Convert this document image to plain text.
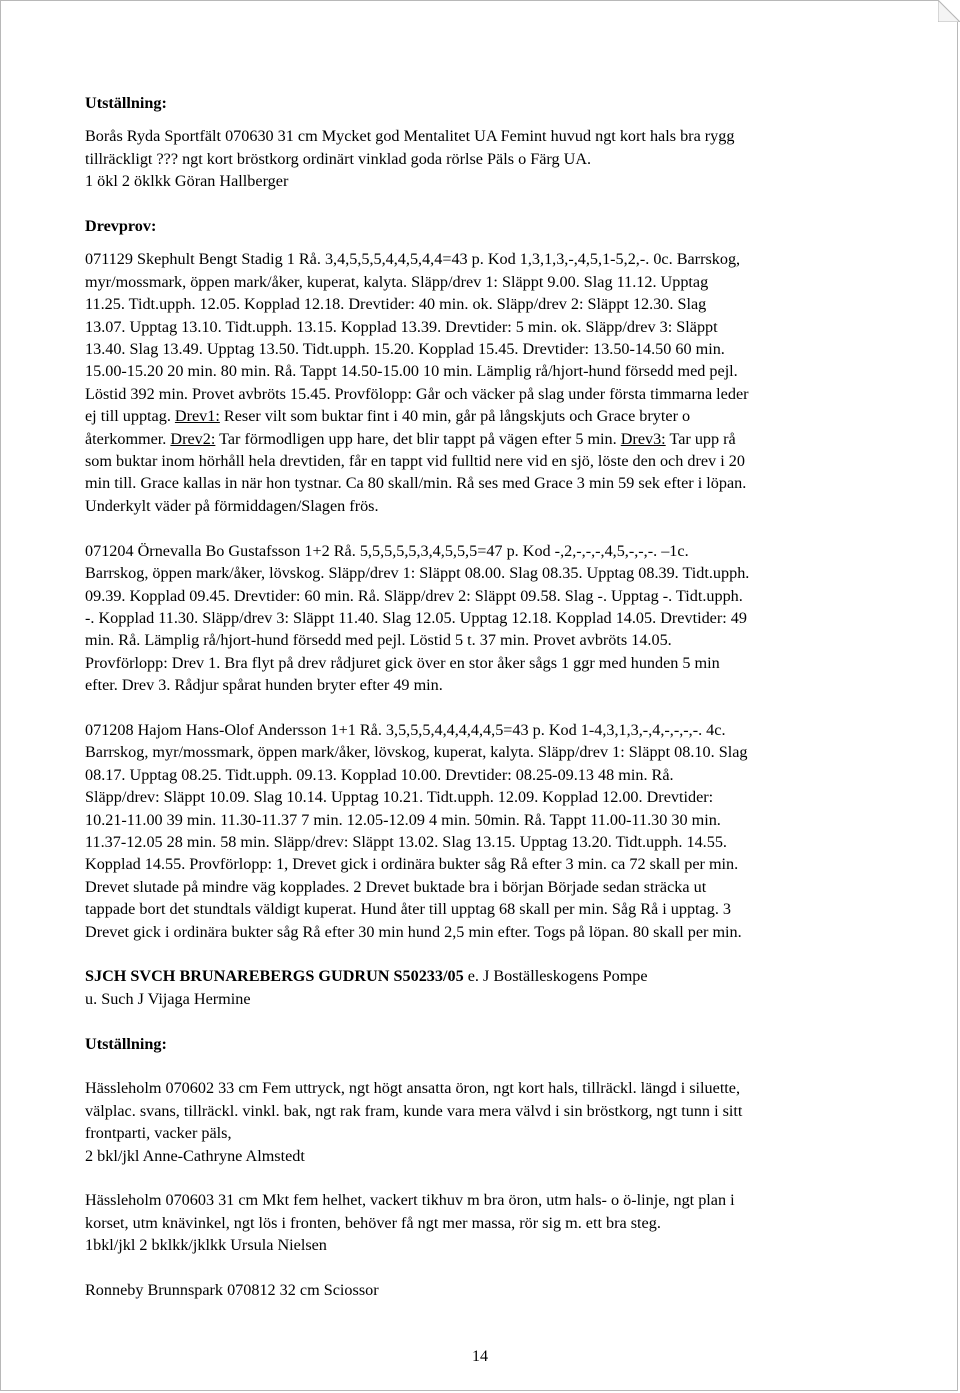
Utställning:

Borås Ryda Sportfält 070630 31 cm Mycket god Mentalitet UA Femint huvud ngt kort hals bra rygg
tillräckligt ??? ngt kort bröstkorg ordinärt vinklad goda rörlse Päls o Färg UA.
1 ökl 2 öklkk Göran Hallberger

Drevprov:

071129 Skephult Bengt Stadig 1 Rå. 3,4,5,5,5,4,4,5,4,4=43 p. Kod 1,3,1,3,-,4,5,1-5,2,-. 0c. Barrskog,
myr/mossmark, öppen mark/åker, kuperat, kalyta. Släpp/drev 1: Släppt 9.00. Slag 11.12. Upptag
11.25. Tidt.upph. 12.05. Kopplad 12.18. Drevtider: 40 min. ok. Släpp/drev 2: Släppt 12.30. Slag
13.07. Upptag 13.10. Tidt.upph. 13.15. Kopplad 13.39. Drevtider: 5 min. ok. Släpp/drev 3: Släppt
13.40. Slag 13.49. Upptag 13.50. Tidt.upph. 15.20. Kopplad 15.45. Drevtider: 13.50-14.50 60 min.
15.00-15.20 20 min. 80 min. Rå. Tappt 14.50-15.00 10 min. Lämplig rå/hjort-hund försedd med pejl.
Löstid 392 min. Provet avbröts 15.45. Provfölopp: Går och väcker på slag under första timmarna leder
ej till upptag. Drev1: Reser vilt som buktar fint i 40 min, går på långskjuts och Grace bryter o
återkommer. Drev2: Tar förmodligen upp hare, det blir tappt på vägen efter 5 min. Drev3: Tar upp rå
som buktar inom hörhåll hela drevtiden, får en tappt vid fulltid nere vid en sjö, löste den och drev i 20
min till. Grace kallas in när hon tystnar. Ca 80 skall/min. Rå ses med Grace 3 min 59 sek efter i löpan.
Underkylt väder på förmiddagen/Slagen frös.

071204 Örnevalla Bo Gustafsson 1+2 Rå. 5,5,5,5,5,3,4,5,5,5=47 p. Kod -,2,-,-,-,4,5,-,-,-. –1c.
Barrskog, öppen mark/åker, lövskog. Släpp/drev 1: Släppt 08.00. Slag 08.35. Upptag 08.39. Tidt.upph.
09.39. Kopplad 09.45. Drevtider: 60 min. Rå. Släpp/drev 2: Släppt 09.58. Slag -. Upptag -. Tidt.upph.
-. Kopplad 11.30. Släpp/drev 3: Släppt 11.40. Slag 12.05. Upptag 12.18. Kopplad 14.05. Drevtider: 49
min. Rå. Lämplig rå/hjort-hund försedd med pejl. Löstid 5 t. 37 min. Provet avbröts 14.05.
Provförlopp: Drev 1. Bra flyt på drev rådjuret gick över en stor åker sågs 1 ggr med hunden 5 min
efter. Drev 3. Rådjur spårat hunden bryter efter 49 min.

071208 Hajom Hans-Olof Andersson 1+1 Rå. 3,5,5,5,4,4,4,4,4,5=43 p. Kod 1-4,3,1,3,-,4,-,-,-,-. 4c.
Barrskog, myr/mossmark, öppen mark/åker, lövskog, kuperat, kalyta. Släpp/drev 1: Släppt 08.10. Slag
08.17. Upptag 08.25. Tidt.upph. 09.13. Kopplad 10.00. Drevtider: 08.25-09.13 48 min. Rå.
Släpp/drev: Släppt 10.09. Slag 10.14. Upptag 10.21. Tidt.upph. 12.09. Kopplad 12.00. Drevtider:
10.21-11.00 39 min. 11.30-11.37 7 min. 12.05-12.09 4 min. 50min. Rå. Tappt 11.00-11.30 30 min.
11.37-12.05 28 min. 58 min. Släpp/drev: Släppt 13.02. Slag 13.15. Upptag 13.20. Tidt.upph. 14.55.
Kopplad 14.55. Provförlopp: 1, Drevet gick i ordinära bukter såg Rå efter 3 min. ca 72 skall per min.
Drevet slutade på mindre väg kopplades. 2 Drevet buktade bra i början Började sedan sträcka ut
tappade bort det stundtals väldigt kuperat. Hund åter till upptag 68 skall per min. Såg Rå i upptag. 3
Drevet gick i ordinära bukter såg Rå efter 30 min hund 2,5 min efter. Togs på löpan. 80 skall per min.

SJCH SVCH BRUNAREBERGS GUDRUN S50233/05 e. J Boställeskogens Pompe
u. Such J Vijaga Hermine

Utställning:

Hässleholm 070602 33 cm Fem uttryck, ngt högt ansatta öron, ngt kort hals, tillräckl. längd i siluette,
välplac. svans, tillräckl. vinkl. bak, ngt rak fram, kunde vara mera välvd i sin bröstkorg, ngt tunn i sitt
frontparti, vacker päls,
2 bkl/jkl Anne-Cathryne Almstedt

Hässleholm 070603 31 cm Mkt fem helhet, vackert tikhuv m bra öron, utm hals- o ö-linje, ngt plan i
korset, utm knävinkel, ngt lös i fronten, behöver få ngt mer massa, rör sig m. ett bra steg.
1bkl/jkl 2 bklkk/jklkk Ursula Nielsen

Ronneby Brunnspark 070812 32 cm Sciossor

14
